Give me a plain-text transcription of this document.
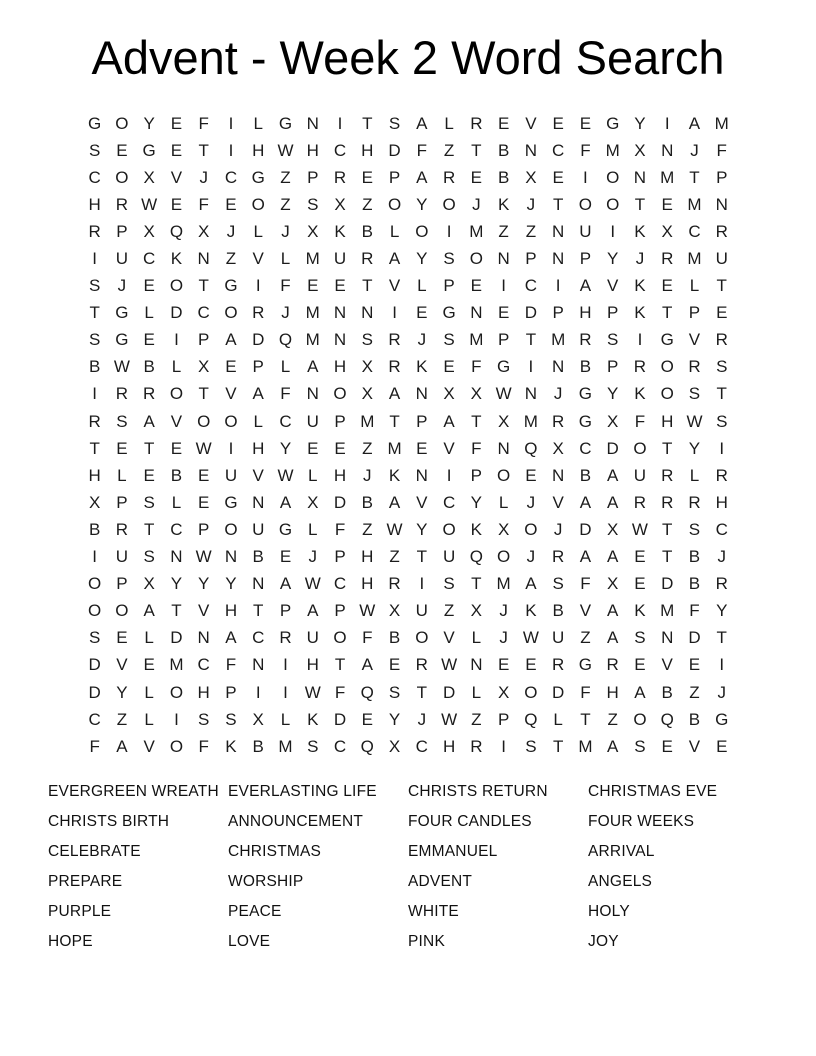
Advent - Week 2 Word Search
G O Y E F	I	L G N	I	T S A L R E V E E G Y	I	A M
S E G E T	I	H W H C H D F Z T B N C F M X N J	F
C O X V	J C G Z P R E P A R E B X E	I	O N M T P
H R W E F E O Z S X Z O Y O J	K	J	T O O T E M N
R P X Q X	J	L	J	X K B L O	I	M Z Z N U	I	K X C R
I	U C K N Z V L M U R A Y S O N P N P Y	J R M U
S	J	E O T G	I	F E E T V L P E	I	C	I	A V K E L	T
T G L D C O R J M N N	I	E G N E D P H P K T P E
S G E	I	P A D Q M N S R J	S M P T M R S	I	G V R
B W B L X E P L A H X R K E F G	I	N B P R O R S
I	R R O T V A F N O X A N X X W N J G Y K O S T
R S A V O O L C U P M T P A T X M R G X F H W S
T E T E W I	H Y E E Z M E V F N Q X C D O T Y	I
H L E B E U V W L H J	K N	I	P O E N B A U R L R
X P S L E G N A X D B A V C Y L	J	V A A R R R H
B R T C P O U G L	F Z W Y O K X O J D X W T S C
I	U S N W N B E	J	P H Z T U Q O J R A A E T B	J
O P X Y Y Y N A W C H R	I	S T M A S F X E D B R
O O A T V H T P A P W X U Z X	J	K B V A K M F Y
S E L D N A C R U O F B O V L	J W U Z A S N D T
D V E M C F N	I	H T A E R W N E E R G R E V E	I
D Y L O H P	I	I W F Q S T D L X O D F H A B Z	J
C Z	L	I	S S X L K D E Y	J W Z P Q L	T Z O Q B G
F A V O F K B M S C Q X C H R	I	S T M A S E V E
EVERGREEN WREATH
CHRISTS BIRTH
CELEBRATE
PREPARE
PURPLE
HOPE
EVERLASTING LIFE
ANNOUNCEMENT
CHRISTMAS
WORSHIP
PEACE
LOVE
CHRISTS RETURN
FOUR CANDLES
EMMANUEL
ADVENT
WHITE
PINK
CHRISTMAS EVE
FOUR WEEKS
ARRIVAL
ANGELS
HOLY
JOY
